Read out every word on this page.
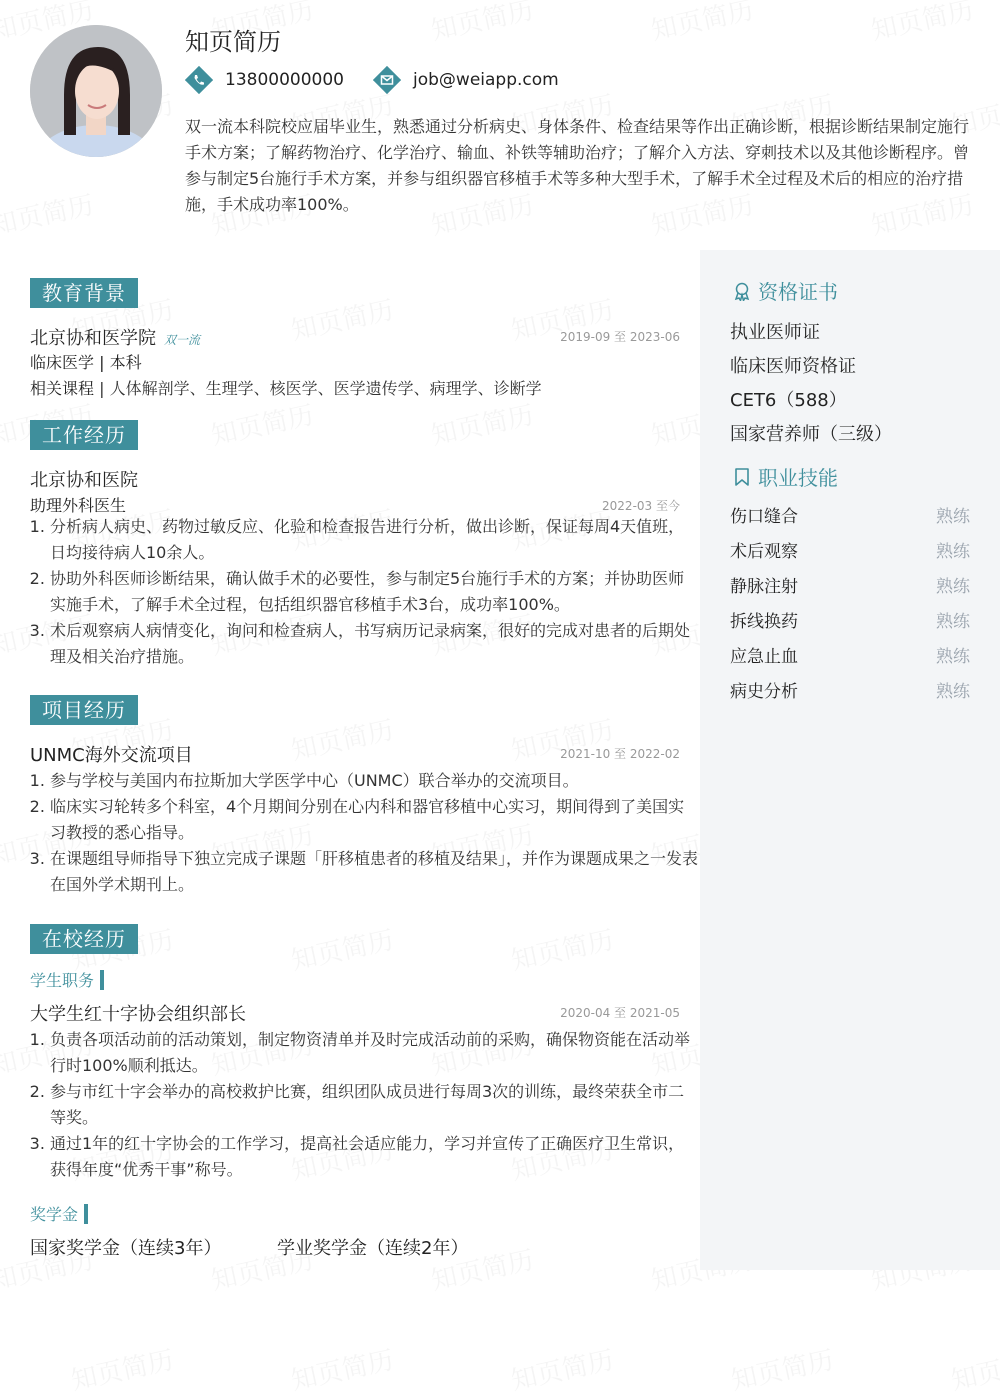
知页简历
13800000000	job@weiapp.com
双一流本科院校应届毕业生，熟悉通过分析病史、身体条件、检查结果等作出正确诊断，根据诊断结果制定施行手术方案；了解药物治疗、化学治疗、输血、补铁等辅助治疗；了解介入方法、穿刺技术以及其他诊断程序。曾参与制定5台施行手术方案，并参与组织器官移植手术等多种大型手术，了解手术全过程及术后的相应的治疗措施，手术成功率100%。
教育背景
北京协和医学院 双一流	2019-09 至 2023-06
临床医学 | 本科
相关课程 | 人体解剖学、生理学、核医学、医学遗传学、病理学、诊断学
工作经历
北京协和医院
助理外科医生	2022-03 至今
1. 分析病人病史、药物过敏反应、化验和检查报告进行分析，做出诊断，保证每周4天值班，日均接待病人10余人。
2. 协助外科医师诊断结果，确认做手术的必要性，参与制定5台施行手术的方案；并协助医师实施手术，了解手术全过程，包括组织器官移植手术3台，成功率100%。
3. 术后观察病人病情变化，询问和检查病人，书写病历记录病案，很好的完成对患者的后期处理及相关治疗措施。
项目经历
UNMC海外交流项目	2021-10 至 2022-02
1. 参与学校与美国内布拉斯加大学医学中心（UNMC）联合举办的交流项目。
2. 临床实习轮转多个科室，4个月期间分别在心内科和器官移植中心实习，期间得到了美国实习教授的悉心指导。
3. 在课题组导师指导下独立完成子课题「肝移植患者的移植及结果」，并作为课题成果之一发表在国外学术期刊上。
在校经历
学生职务
大学生红十字协会组织部长	2020-04 至 2021-05
1. 负责各项活动前的活动策划，制定物资清单并及时完成活动前的采购，确保物资能在活动举行时100%顺利抵达。
2. 参与市红十字会举办的高校救护比赛，组织团队成员进行每周3次的训练，最终荣获全市二等奖。
3. 通过1年的红十字协会的工作学习，提高社会适应能力，学习并宣传了正确医疗卫生常识，获得年度“优秀干事”称号。
奖学金
国家奖学金（连续3年）	学业奖学金（连续2年）
资格证书
执业医师证
临床医师资格证
CET6（588）
国家营养师（三级）
职业技能
伤口缝合	熟练
术后观察	熟练
静脉注射	熟练
拆线换药	熟练
应急止血	熟练
病史分析	熟练
